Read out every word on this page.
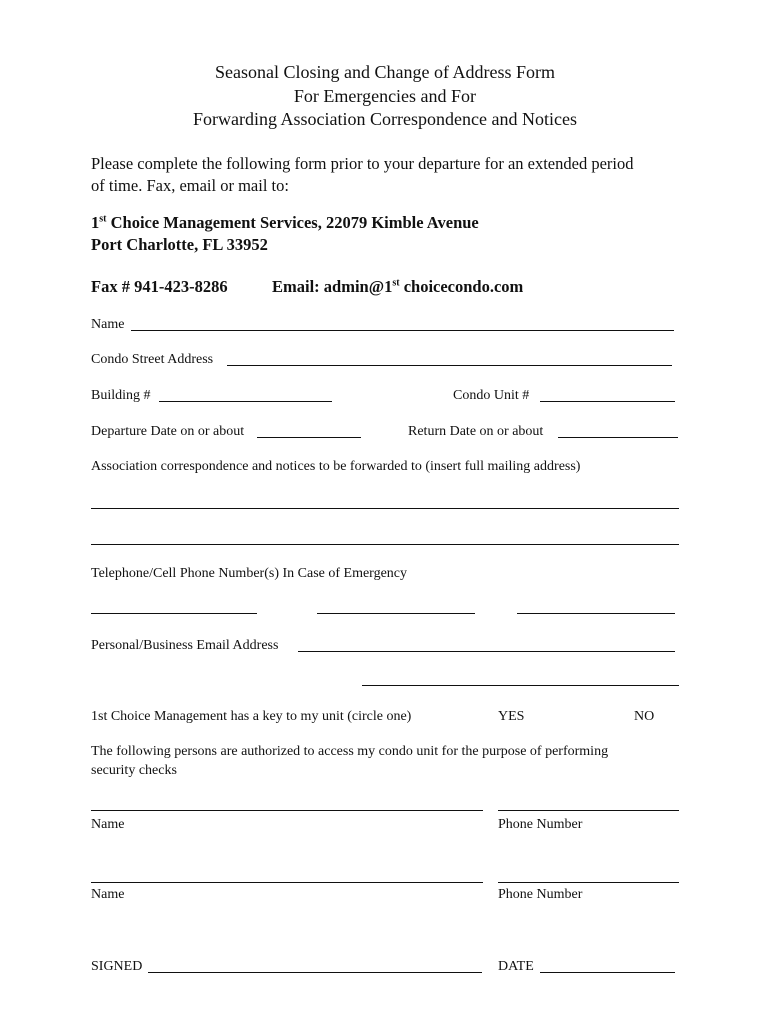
Seasonal Closing and Change of Address Form
For Emergencies and For
Forwarding Association Correspondence and Notices
Please complete the following form prior to your departure for an extended period
of time. Fax, email or mail to:
1st Choice Management Services, 22079 Kimble Avenue
Port Charlotte, FL 33952
Fax # 941-423-8286	Email: admin@1st choicecondo.com
Name
Condo Street Address
Building #	Condo Unit #
Departure Date on or about	Return Date on or about
Association correspondence and notices to be forwarded to (insert full mailing address)
Telephone/Cell Phone Number(s) In Case of Emergency
Personal/Business Email Address
1st Choice Management has a key to my unit (circle one)	YES	NO
The following persons are authorized to access my condo unit for the purpose of performing
security checks
Name	Phone Number
Name	Phone Number
SIGNED	DATE
